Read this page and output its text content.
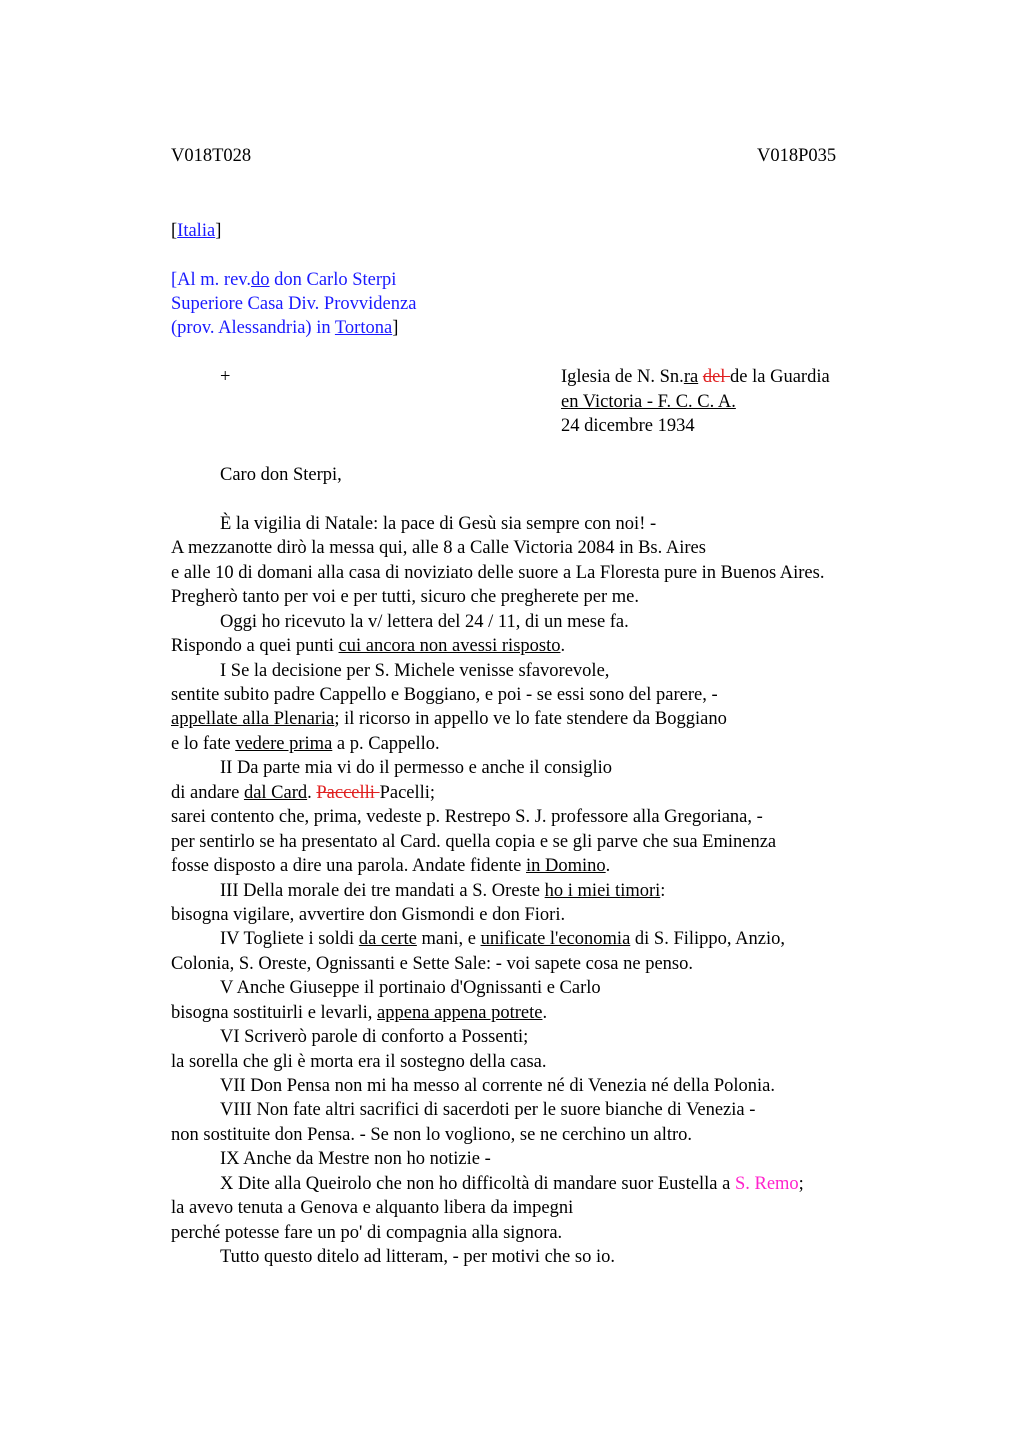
V018T028	V018P035
[Italia]
[Al m. rev.do don Carlo Sterpi
Superiore Casa Div. Provvidenza
(prov. Alessandria) in Tortona]
+	Iglesia de N. Sn.ra del de la Guardia
en Victoria - F. C. C. A.
24 dicembre 1934
Caro don Sterpi,
È la vigilia di Natale: la pace di Gesù sia sempre con noi! -
A mezzanotte dirò la messa qui, alle 8 a Calle Victoria 2084 in Bs. Aires
e alle 10 di domani alla casa di noviziato delle suore a La Floresta pure in Buenos Aires.
Pregherò tanto per voi e per tutti, sicuro che pregherete per me.
Oggi ho ricevuto la v/ lettera del 24 / 11, di un mese fa.
Rispondo a quei punti cui ancora non avessi risposto.
I Se la decisione per S. Michele venisse sfavorevole,
sentite subito padre Cappello e Boggiano, e poi - se essi sono del parere, -
appellate alla Plenaria; il ricorso in appello ve lo fate stendere da Boggiano
e lo fate vedere prima a p. Cappello.
II Da parte mia vi do il permesso e anche il consiglio
di andare dal Card. Paccelli Pacelli;
sarei contento che, prima, vedeste p. Restrepo S. J. professore alla Gregoriana, -
per sentirlo se ha presentato al Card. quella copia e se gli parve che sua Eminenza
fosse disposto a dire una parola. Andate fidente in Domino.
III Della morale dei tre mandati a S. Oreste ho i miei timori:
bisogna vigilare, avvertire don Gismondi e don Fiori.
IV Togliete i soldi da certe mani, e unificate l'economia di S. Filippo, Anzio,
Colonia, S. Oreste, Ognissanti e Sette Sale: - voi sapete cosa ne penso.
V Anche Giuseppe il portinaio d'Ognissanti e Carlo
bisogna sostituirli e levarli, appena appena potrete.
VI Scriverò parole di conforto a Possenti;
la sorella che gli è morta era il sostegno della casa.
VII Don Pensa non mi ha messo al corrente né di Venezia né della Polonia.
VIII Non fate altri sacrifici di sacerdoti per le suore bianche di Venezia -
non sostituite don Pensa. - Se non lo vogliono, se ne cerchino un altro.
IX Anche da Mestre non ho notizie -
X Dite alla Queirolo che non ho difficoltà di mandare suor Eustella a S. Remo;
la avevo tenuta a Genova e alquanto libera da impegni
perché potesse fare un po' di compagnia alla signora.
Tutto questo ditelo ad litteram, - per motivi che so io.
